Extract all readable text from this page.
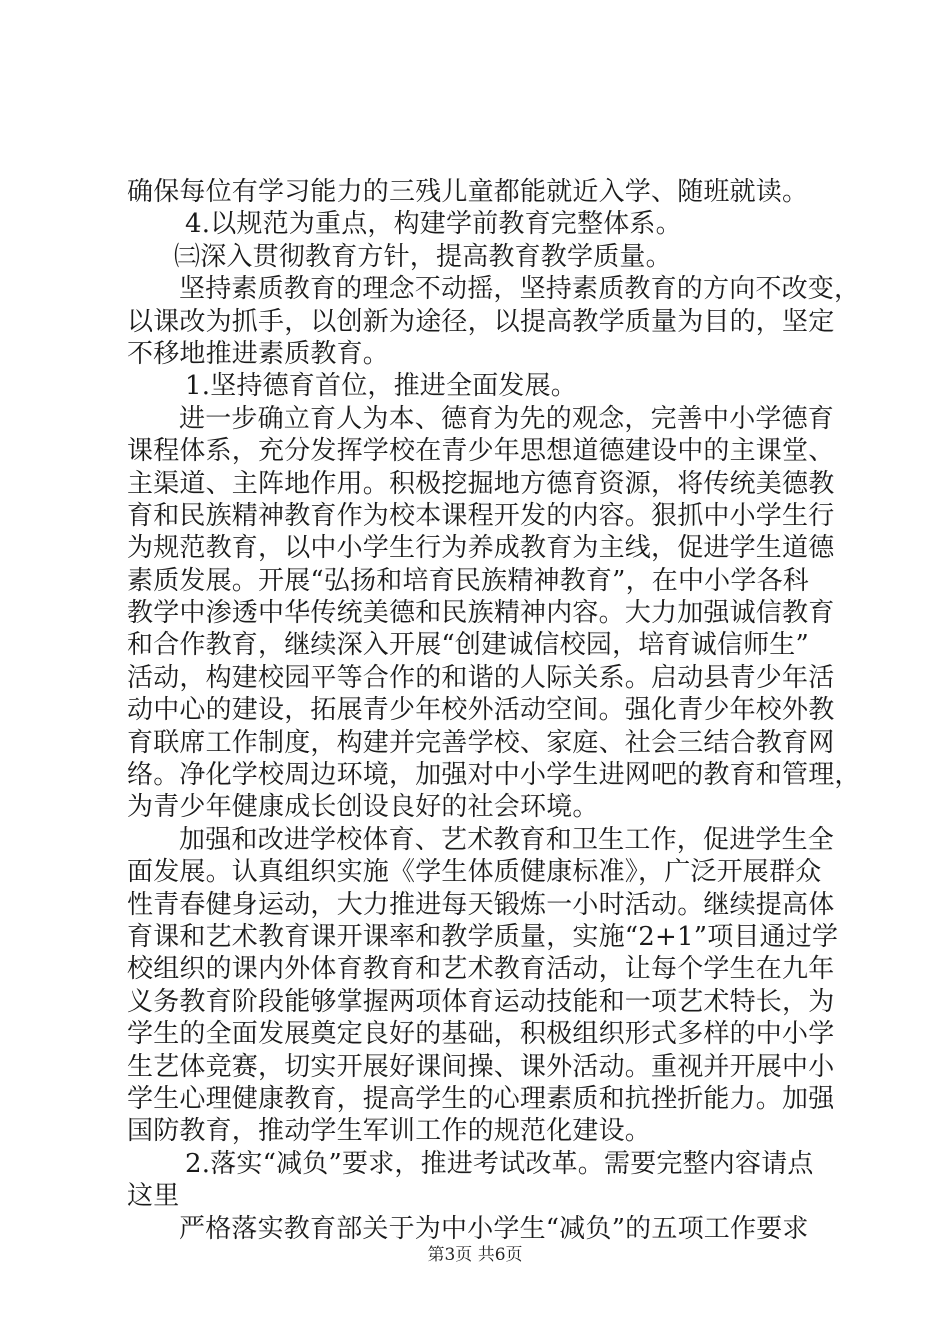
确保每位有学习能力的三残儿童都能就近入学、随班就读。
4.以规范为重点，构建学前教育完整体系。
㈢深入贯彻教育方针，提高教育教学质量。
坚持素质教育的理念不动摇，坚持素质教育的方向不改变，
以课改为抓手，以创新为途径，以提高教学质量为目的，坚定
不移地推进素质教育。
1.坚持德育首位，推进全面发展。
进一步确立育人为本、德育为先的观念，完善中小学德育
课程体系，充分发挥学校在青少年思想道德建设中的主课堂、
主渠道、主阵地作用。积极挖掘地方德育资源，将传统美德教
育和民族精神教育作为校本课程开发的内容。狠抓中小学生行
为规范教育，以中小学生行为养成教育为主线，促进学生道德
素质发展。开展“弘扬和培育民族精神教育”，在中小学各科
教学中渗透中华传统美德和民族精神内容。大力加强诚信教育
和合作教育，继续深入开展“创建诚信校园，培育诚信师生”
活动，构建校园平等合作的和谐的人际关系。启动县青少年活
动中心的建设，拓展青少年校外活动空间。强化青少年校外教
育联席工作制度，构建并完善学校、家庭、社会三结合教育网
络。净化学校周边环境，加强对中小学生进网吧的教育和管理，
为青少年健康成长创设良好的社会环境。
加强和改进学校体育、艺术教育和卫生工作，促进学生全
面发展。认真组织实施《学生体质健康标准》，广泛开展群众
性青春健身运动，大力推进每天锻炼一小时活动。继续提高体
育课和艺术教育课开课率和教学质量，实施“2+1”项目通过学
校组织的课内外体育教育和艺术教育活动，让每个学生在九年
义务教育阶段能够掌握两项体育运动技能和一项艺术特长，为
学生的全面发展奠定良好的基础，积极组织形式多样的中小学
生艺体竞赛，切实开展好课间操、课外活动。重视并开展中小
学生心理健康教育，提高学生的心理素质和抗挫折能力。加强
国防教育，推动学生军训工作的规范化建设。
2.落实“减负”要求，推进考试改革。需要完整内容请点
这里
严格落实教育部关于为中小学生“减负”的五项工作要求
第3页 共6页
